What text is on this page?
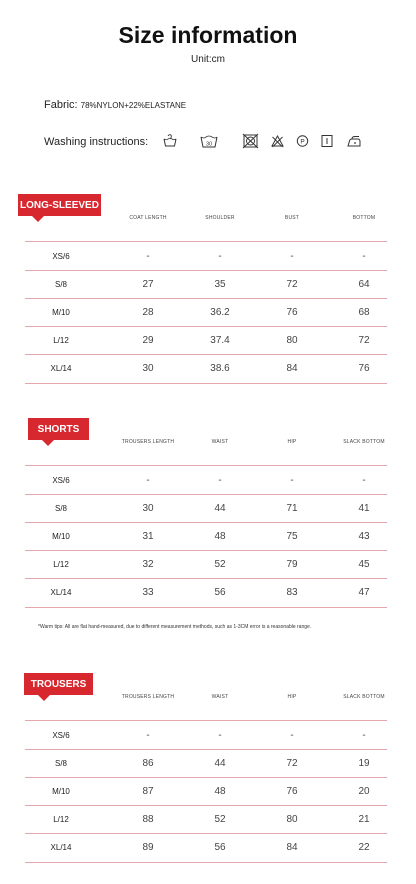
Size information
Unit:cm
Fabric: 78%NYLON+22%ELASTANE
Washing instructions:	30	P
LONG-SLEEVED
COAT LENGTH	SHOULDER	BUST	BOTTOM
XS/6	-	-	-	-
S/8	27	35	72	64
M/10	28	36.2	76	68
L/12	29	37.4	80	72
XL/14	30	38.6	84	76
SHORTS
TROUSERS LENGTH	WAIST	HIP	SLACK BOTTOM
XS/6	-	-	-	-
S/8	30	44	71	41
M/10	31	48	75	43
L/12	32	52	79	45
XL/14	33	56	83	47
*Warm tips: All are flat hand-measured, due to different measurement methods, such as 1-3CM error is a reasonable range.
TROUSERS
TROUSERS LENGTH	WAIST	HIP	SLACK BOTTOM
XS/6	-	-	-	-
S/8	86	44	72	19
M/10	87	48	76	20
L/12	88	52	80	21
XL/14	89	56	84	22
